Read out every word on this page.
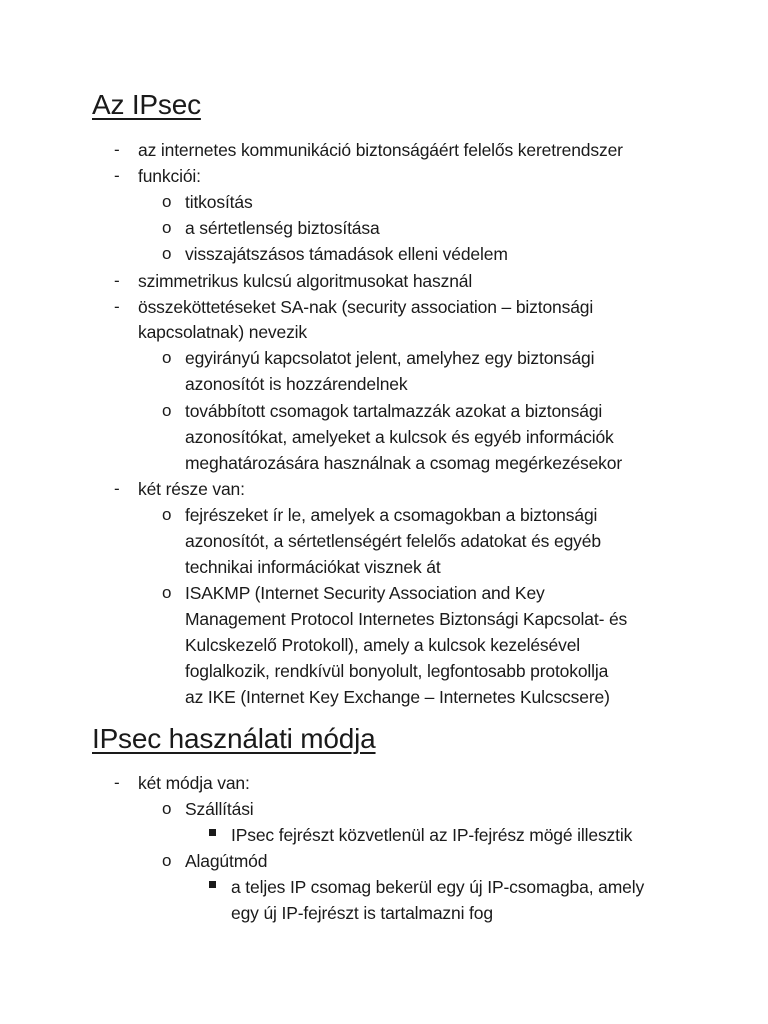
Az IPsec
- az internetes kommunikáció biztonságáért felelős keretrendszer
- funkciói:
o titkosítás
o a sértetlenség biztosítása
o visszajátszásos támadások elleni védelem
- szimmetrikus kulcsú algoritmusokat használ
- összeköttetéseket SA-nak (security association – biztonsági
kapcsolatnak) nevezik
o egyirányú kapcsolatot jelent, amelyhez egy biztonsági
azonosítót is hozzárendelnek
o továbbított csomagok tartalmazzák azokat a biztonsági
azonosítókat, amelyeket a kulcsok és egyéb információk
meghatározására használnak a csomag megérkezésekor
- két része van:
o fejrészeket ír le, amelyek a csomagokban a biztonsági
azonosítót, a sértetlenségért felelős adatokat és egyéb
technikai információkat visznek át
o ISAKMP (Internet Security Association and Key
Management Protocol Internetes Biztonsági Kapcsolat- és
Kulcskezelő Protokoll), amely a kulcsok kezelésével
foglalkozik, rendkívül bonyolult, legfontosabb protokollja
az IKE (Internet Key Exchange – Internetes Kulcscsere)
IPsec használati módja
- két módja van:
o Szállítási
IPsec fejrészt közvetlenül az IP-fejrész mögé illesztik
o Alagútmód
a teljes IP csomag bekerül egy új IP-csomagba, amely
egy új IP-fejrészt is tartalmazni fog
